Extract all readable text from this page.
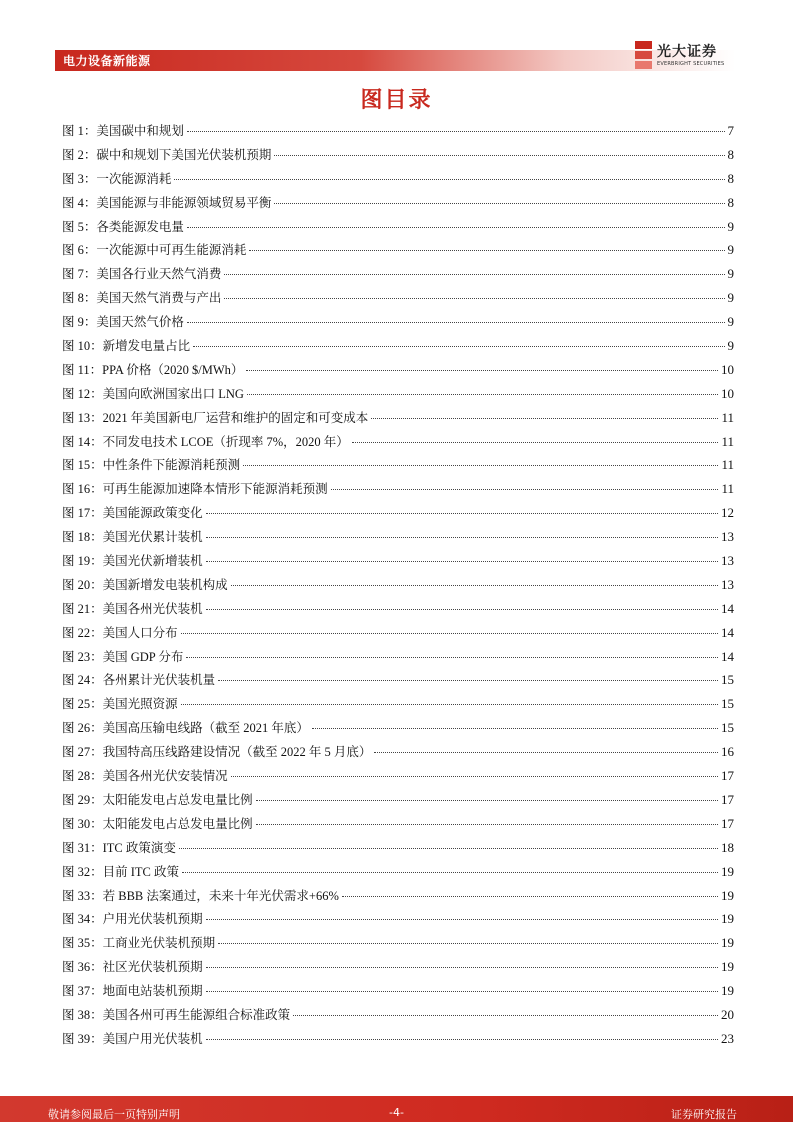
电力设备新能源
光大证券
EVERBRIGHT SECURITIES
图目录
图 1：美国碳中和规划	7
图 2：碳中和规划下美国光伏装机预期	8
图 3：一次能源消耗	8
图 4：美国能源与非能源领域贸易平衡	8
图 5：各类能源发电量	9
图 6：一次能源中可再生能源消耗	9
图 7：美国各行业天然气消费	9
图 8：美国天然气消费与产出	9
图 9：美国天然气价格	9
图 10：新增发电量占比	9
图 11：PPA 价格（2020 $/MWh）	10
图 12：美国向欧洲国家出口 LNG	10
图 13：2021 年美国新电厂运营和维护的固定和可变成本	11
图 14：不同发电技术 LCOE（折现率 7%，2020 年）	11
图 15：中性条件下能源消耗预测	11
图 16：可再生能源加速降本情形下能源消耗预测	11
图 17：美国能源政策变化	12
图 18：美国光伏累计装机	13
图 19：美国光伏新增装机	13
图 20：美国新增发电装机构成	13
图 21：美国各州光伏装机	14
图 22：美国人口分布	14
图 23：美国 GDP 分布	14
图 24：各州累计光伏装机量	15
图 25：美国光照资源	15
图 26：美国高压输电线路（截至 2021 年底）	15
图 27：我国特高压线路建设情况（截至 2022 年 5 月底）	16
图 28：美国各州光伏安装情况	17
图 29：太阳能发电占总发电量比例	17
图 30：太阳能发电占总发电量比例	17
图 31：ITC 政策演变	18
图 32：目前 ITC 政策	19
图 33：若 BBB 法案通过，未来十年光伏需求+66%	19
图 34：户用光伏装机预期	19
图 35：工商业光伏装机预期	19
图 36：社区光伏装机预期	19
图 37：地面电站装机预期	19
图 38：美国各州可再生能源组合标准政策	20
图 39：美国户用光伏装机	23
敬请参阅最后一页特别声明	-4-	证券研究报告
